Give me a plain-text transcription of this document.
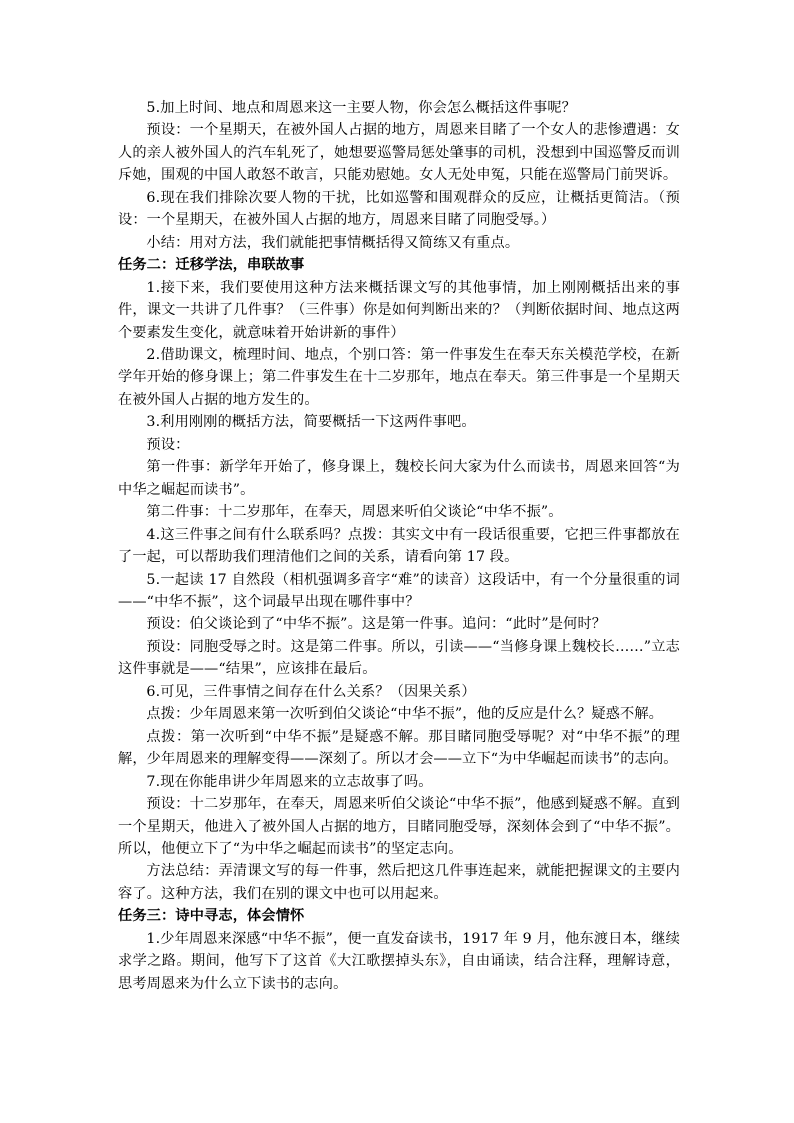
5.加上时间、地点和周恩来这一主要人物，你会怎么概括这件事呢？

预设：一个星期天，在被外国人占据的地方，周恩来目睹了一个女人的悲惨遭遇：女人的亲人被外国人的汽车轧死了，她想要巡警局惩处肇事的司机，没想到中国巡警反而训斥她，围观的中国人敢怒不敢言，只能劝慰她。女人无处申冤，只能在巡警局门前哭诉。

6.现在我们排除次要人物的干扰，比如巡警和围观群众的反应，让概括更简洁。（预设：一个星期天，在被外国人占据的地方，周恩来目睹了同胞受辱。）

小结：用对方法，我们就能把事情概括得又简练又有重点。

任务二：迁移学法，串联故事

1.接下来，我们要使用这种方法来概括课文写的其他事情，加上刚刚概括出来的事件，课文一共讲了几件事？（三件事）你是如何判断出来的？（判断依据时间、地点这两个要素发生变化，就意味着开始讲新的事件）

2.借助课文，梳理时间、地点，个别口答：第一件事发生在奉天东关模范学校，在新学年开始的修身课上；第二件事发生在十二岁那年，地点在奉天。第三件事是一个星期天在被外国人占据的地方发生的。

3.利用刚刚的概括方法，简要概括一下这两件事吧。

预设：

第一件事：新学年开始了，修身课上，魏校长问大家为什么而读书，周恩来回答“为中华之崛起而读书”。

第二件事：十二岁那年，在奉天，周恩来听伯父谈论“中华不振”。

4.这三件事之间有什么联系吗？点拨：其实文中有一段话很重要，它把三件事都放在了一起，可以帮助我们理清他们之间的关系，请看向第 17 段。

5.一起读 17 自然段（相机强调多音字“难”的读音）这段话中，有一个分量很重的词——“中华不振”，这个词最早出现在哪件事中？

预设：伯父谈论到了“中华不振”。这是第一件事。追问：“此时”是何时？

预设：同胞受辱之时。这是第二件事。所以，引读——“当修身课上魏校长……”立志这件事就是——“结果”，应该排在最后。

6.可见，三件事情之间存在什么关系？（因果关系）

点拨：少年周恩来第一次听到伯父谈论“中华不振”，他的反应是什么？疑惑不解。

点拨：第一次听到“中华不振”是疑惑不解。那目睹同胞受辱呢？对“中华不振”的理解，少年周恩来的理解变得——深刻了。所以才会——立下“为中华崛起而读书”的志向。

7.现在你能串讲少年周恩来的立志故事了吗。

预设：十二岁那年，在奉天，周恩来听伯父谈论“中华不振”，他感到疑惑不解。直到一个星期天，他进入了被外国人占据的地方，目睹同胞受辱，深刻体会到了“中华不振”。所以，他便立下了“为中华之崛起而读书”的坚定志向。

方法总结：弄清课文写的每一件事，然后把这几件事连起来，就能把握课文的主要内容了。这种方法，我们在别的课文中也可以用起来。

任务三：诗中寻志，体会情怀

1.少年周恩来深感“中华不振”，便一直发奋读书，1917 年 9 月，他东渡日本，继续求学之路。期间，他写下了这首《大江歌摆掉头东》，自由诵读，结合注释，理解诗意，思考周恩来为什么立下读书的志向。
